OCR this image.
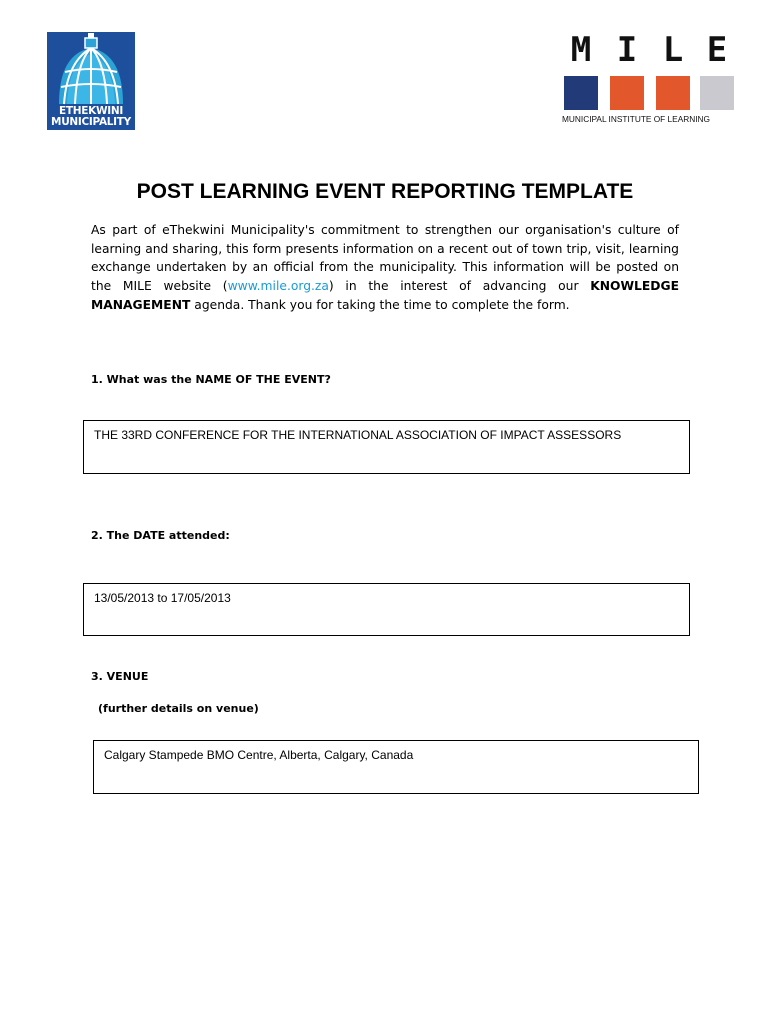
ETHEKWINI
MUNICIPALITY
M I L E
MUNICIPAL INSTITUTE OF LEARNING
POST LEARNING EVENT REPORTING TEMPLATE
As part of eThekwini Municipality's commitment to strengthen our organisation's culture of learning and sharing, this form presents information on a recent out of town trip, visit, learning exchange undertaken by an official from the municipality. This information will be posted on the MILE website (www.mile.org.za) in the interest of advancing our KNOWLEDGE MANAGEMENT agenda. Thank you for taking the time to complete the form.
1. What was the NAME OF THE EVENT?
THE 33RD CONFERENCE FOR THE INTERNATIONAL ASSOCIATION OF IMPACT ASSESSORS
2. The DATE attended:
13/05/2013 to 17/05/2013
3. VENUE
(further details on venue)
Calgary Stampede BMO Centre, Alberta, Calgary, Canada
